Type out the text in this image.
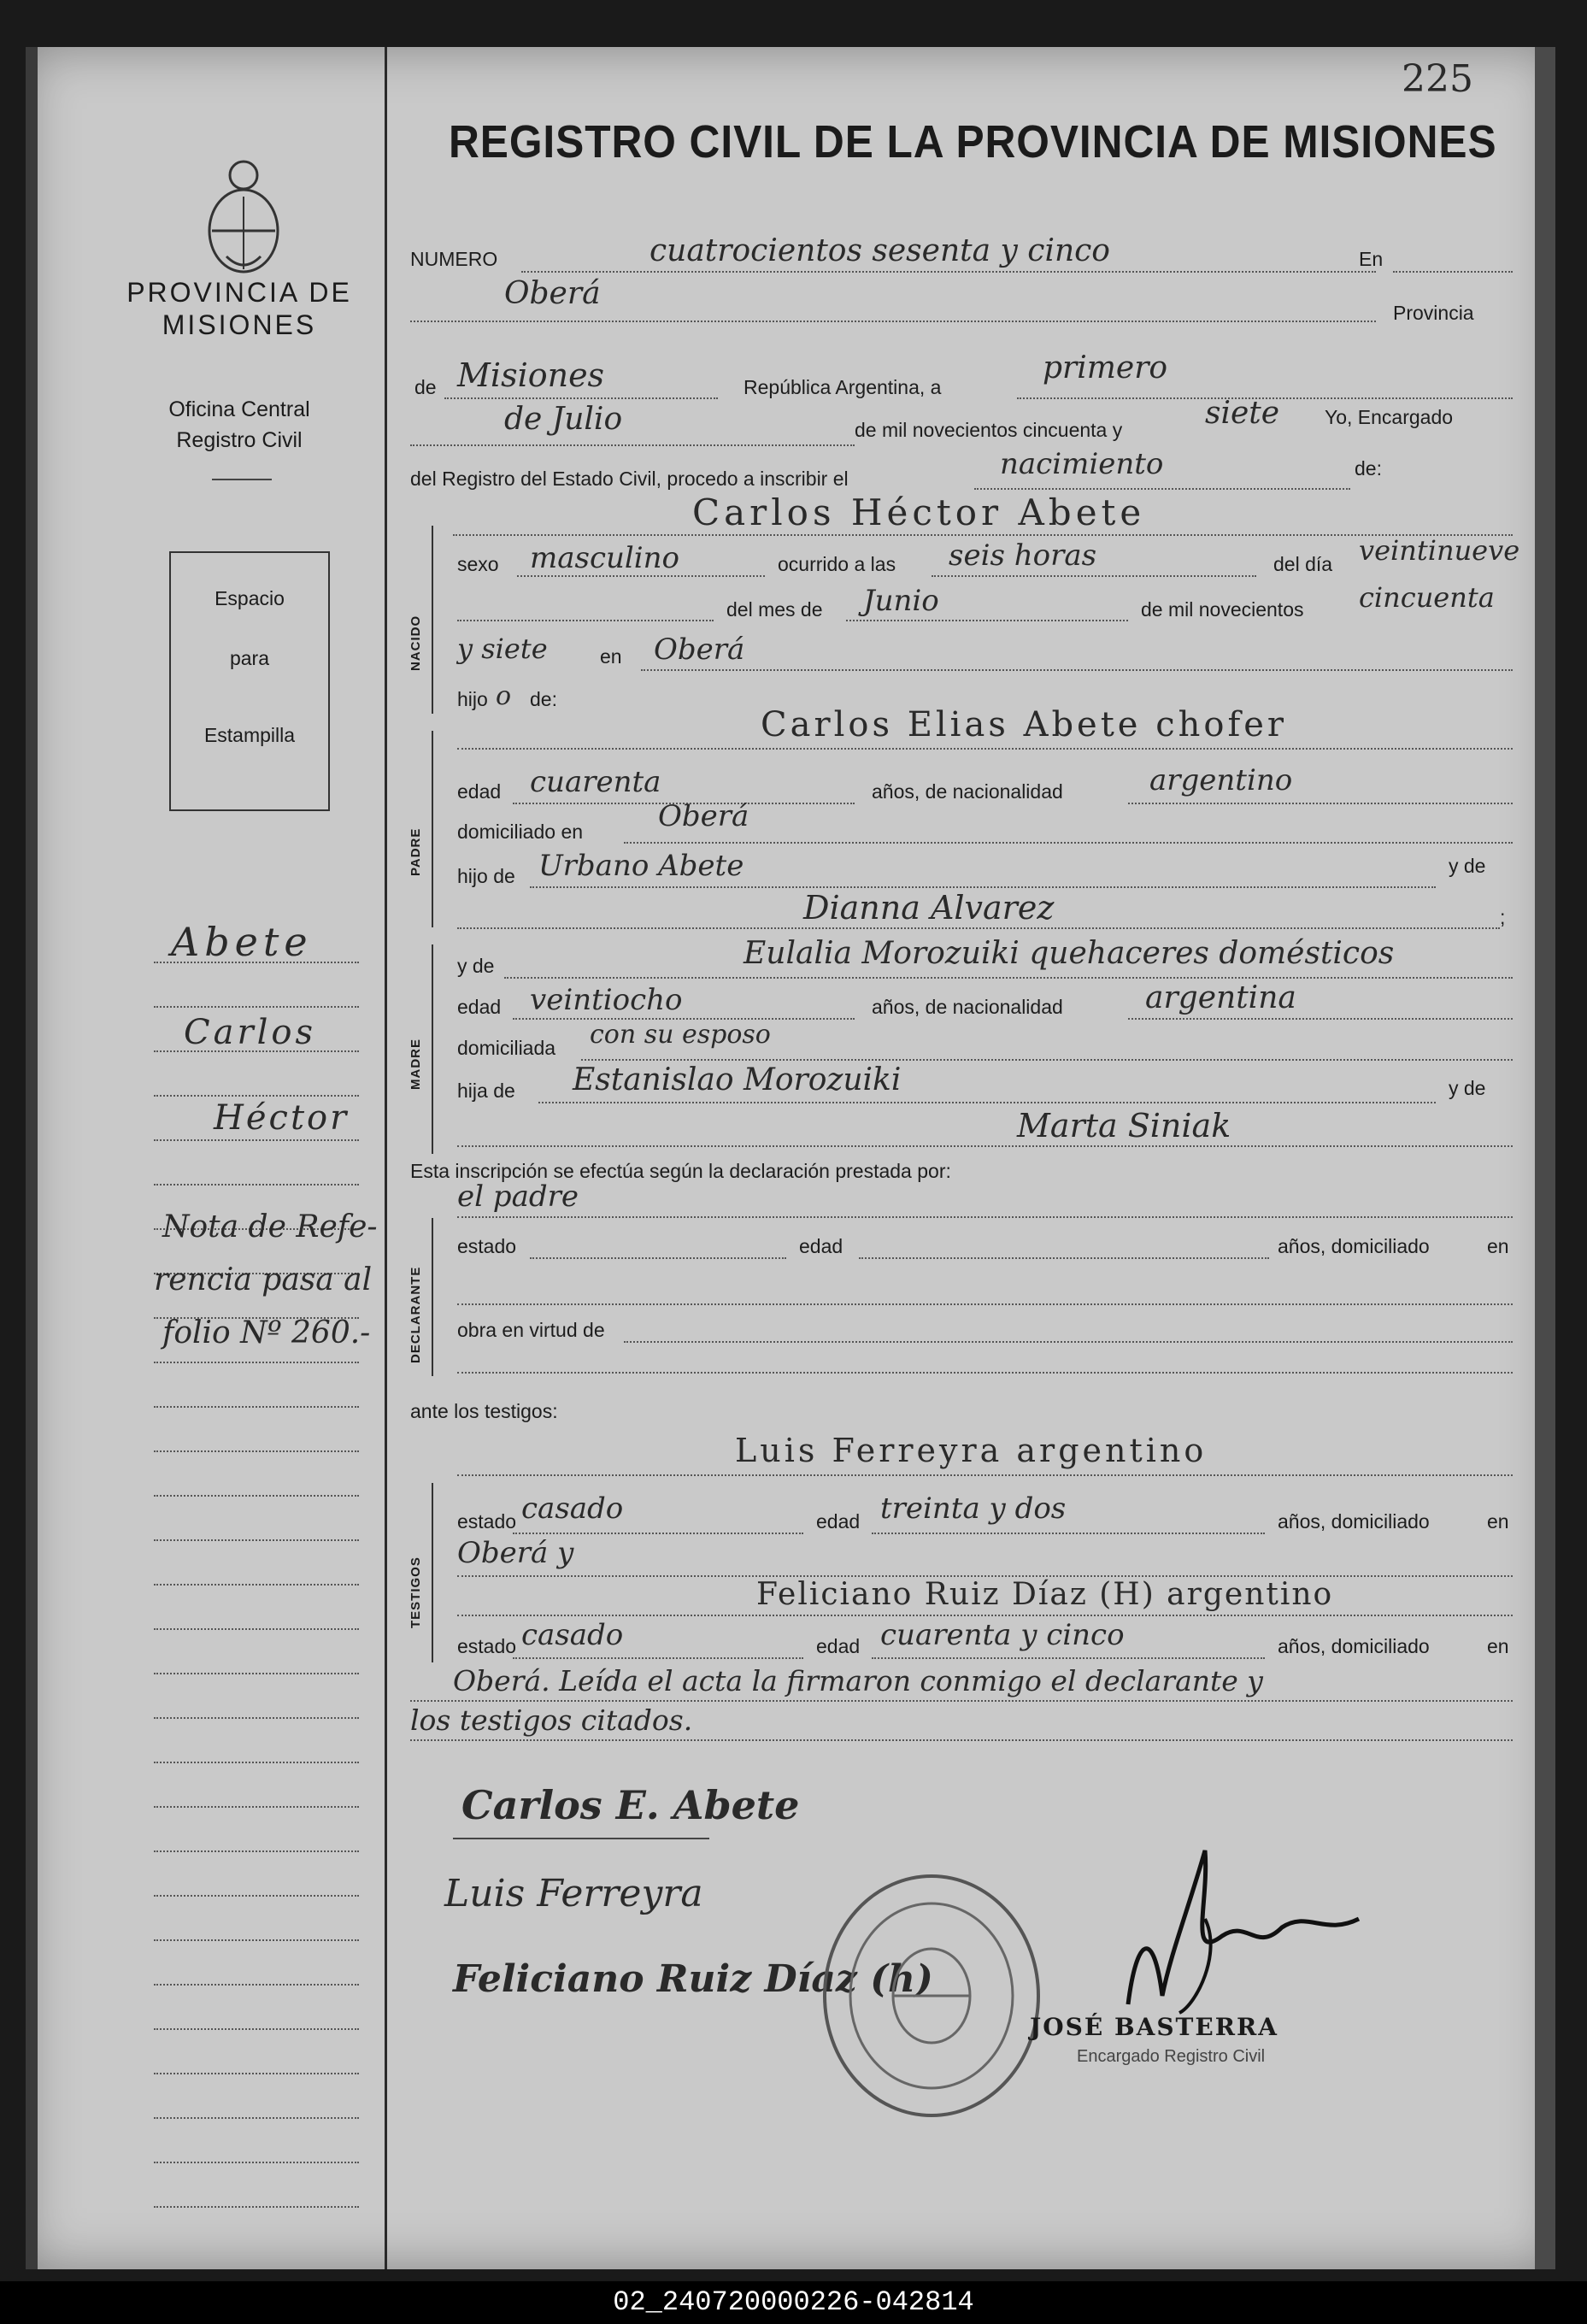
225
PROVINCIA DE MISIONES
Oficina Central
Registro Civil
Espacio
para
Estampilla
Abete
Carlos
Héctor
Nota de Refe-
rencia pasa al
folio Nº 260.-
REGISTRO CIVIL DE LA PROVINCIA DE MISIONES
NUMERO	cuatrocientos sesenta y cinco	En
Oberá
Provincia
de Misiones	República Argentina, a
primero
de Julio	de mil novecientos cincuenta y	siete Yo, Encargado
del Registro del Estado Civil, procedo a inscribir el	nacimiento	de:
Carlos Héctor Abete
NACIDO
sexo masculino	ocurrido a las seis horas	del día veintinueve
del mes de Junio	de mil novecientos cincuenta
y siete	en Oberá
hijo o de:
Carlos Elias Abete chofer
PADRE
edad cuarenta	años, de nacionalidad	argentino
domiciliado en	Oberá
hijo de Urbano Abete	y de
Dianna Alvarez	;
MADRE
y de	Eulalia Morozuiki quehaceres domésticos
edad veintiocho	años, de nacionalidad	argentina
domiciliada con su esposo
hija de Estanislao Morozuiki	y de
Marta Siniak
Esta inscripción se efectúa según la declaración prestada por:
el padre
DECLARANTE
estado	edad	años, domiciliado	en
obra en virtud de
ante los testigos:
Luis Ferreyra argentino
TESTIGOS
estado casado	edad treinta y dos	años, domiciliado	en
Oberá y
Feliciano Ruiz Díaz (H) argentino
estado casado	edad cuarenta y cinco	años, domiciliado	en
Oberá. Leída el acta la firmaron conmigo el declarante y
los testigos citados.
Carlos E. Abete
Luis Ferreyra
Feliciano Ruiz Díaz (h)
JOSÉ BASTERRA
Encargado Registro Civil
02_240720000226-042814
